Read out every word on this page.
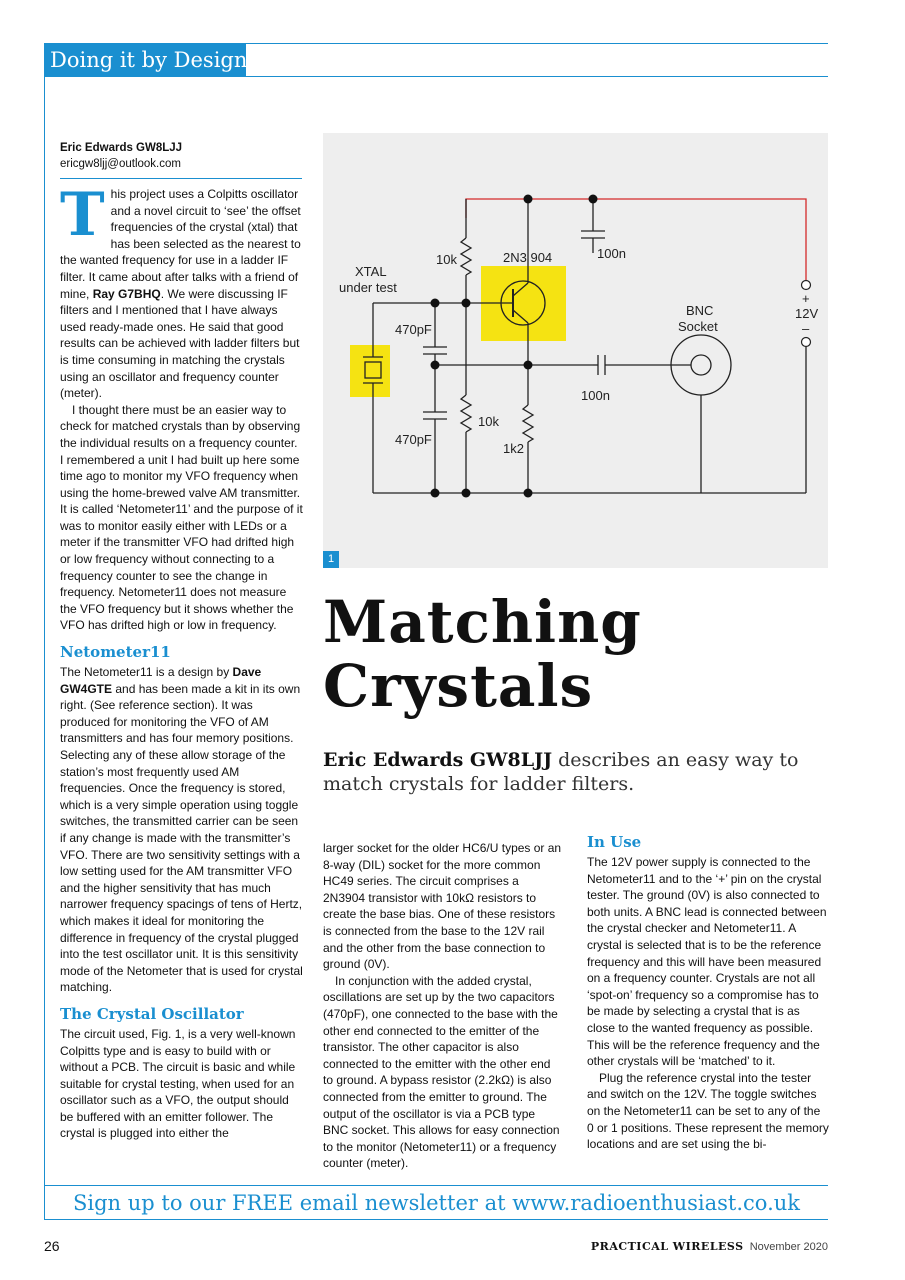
Doing it by Design
Eric Edwards GW8LJJ
ericgw8ljj@outlook.com

This project uses a Colpitts oscillator and a novel circuit to ‘see’ the offset frequencies of the crystal (xtal) that has been selected as the nearest to the wanted frequency for use in a ladder IF filter. It came about after talks with a friend of mine, Ray G7BHQ. We were discussing IF filters and I mentioned that I have always used ready-made ones. He said that good results can be achieved with ladder filters but is time consuming in matching the crystals using an oscillator and frequency counter (meter).

I thought there must be an easier way to check for matched crystals than by observing the individual results on a frequency counter. I remembered a unit I had built up here some time ago to monitor my VFO frequency when using the home-brewed valve AM transmitter. It is called ‘Netometer11’ and the purpose of it was to monitor easily either with LEDs or a meter if the transmitter VFO had drifted high or low frequency without connecting to a frequency counter to see the change in frequency. Netometer11 does not measure the VFO frequency but it shows whether the VFO has drifted high or low in frequency.

Netometer11

The Netometer11 is a design by Dave GW4GTE and has been made a kit in its own right. (See reference section). It was produced for monitoring the VFO of AM transmitters and has four memory positions. Selecting any of these allow storage of the station’s most frequently used AM frequencies. Once the frequency is stored, which is a very simple operation using toggle switches, the transmitted carrier can be seen if any change is made with the transmitter’s VFO. There are two sensitivity settings with a low setting used for the AM transmitter VFO and the higher sensitivity that has much narrower frequency spacings of tens of Hertz, which makes it ideal for monitoring the difference in frequency of the crystal plugged into the test oscillator unit. It is this sensitivity mode of the Netometer that is used for crystal matching.

The Crystal Oscillator

The circuit used, Fig. 1, is a very well-known Colpitts type and is easy to build with or without a PCB. The circuit is basic and while suitable for crystal testing, when used for an oscillator such as a VFO, the output should be buffered with an emitter follower. The crystal is plugged into either the

XTAL
under test
10k	2N3 904	100n
470pF
470pF
10k
1k2
100n
BNC
Socket
+
12V
–
1
Matching
Crystals
Eric Edwards GW8LJJ describes an easy way to match crystals for ladder filters.

larger socket for the older HC6/U types or an 8-way (DIL) socket for the more common HC49 series. The circuit comprises a 2N3904 transistor with 10kΩ resistors to create the base bias. One of these resistors is connected from the base to the 12V rail and the other from the base connection to ground (0V).

In conjunction with the added crystal, oscillations are set up by the two capacitors (470pF), one connected to the base with the other end connected to the emitter of the transistor. The other capacitor is also connected to the emitter with the other end to ground. A bypass resistor (2.2kΩ) is also connected from the emitter to ground. The output of the oscillator is via a PCB type BNC socket. This allows for easy connection to the monitor (Netometer11) or a frequency counter (meter).

In Use

The 12V power supply is connected to the Netometer11 and to the ‘+’ pin on the crystal tester. The ground (0V) is also connected to both units. A BNC lead is connected between the crystal checker and Netometer11. A crystal is selected that is to be the reference frequency and this will have been measured on a frequency counter. Crystals are not all ‘spot-on’ frequency so a compromise has to be made by selecting a crystal that is as close to the wanted frequency as possible. This will be the reference frequency and the other crystals will be ‘matched’ to it.

Plug the reference crystal into the tester and switch on the 12V. The toggle switches on the Netometer11 can be set to any of the 0 or 1 positions. These represent the memory locations and are set using the bi-

Sign up to our FREE email newsletter at www.radioenthusiast.co.uk
26	PRACTICAL WIRELESS November 2020
